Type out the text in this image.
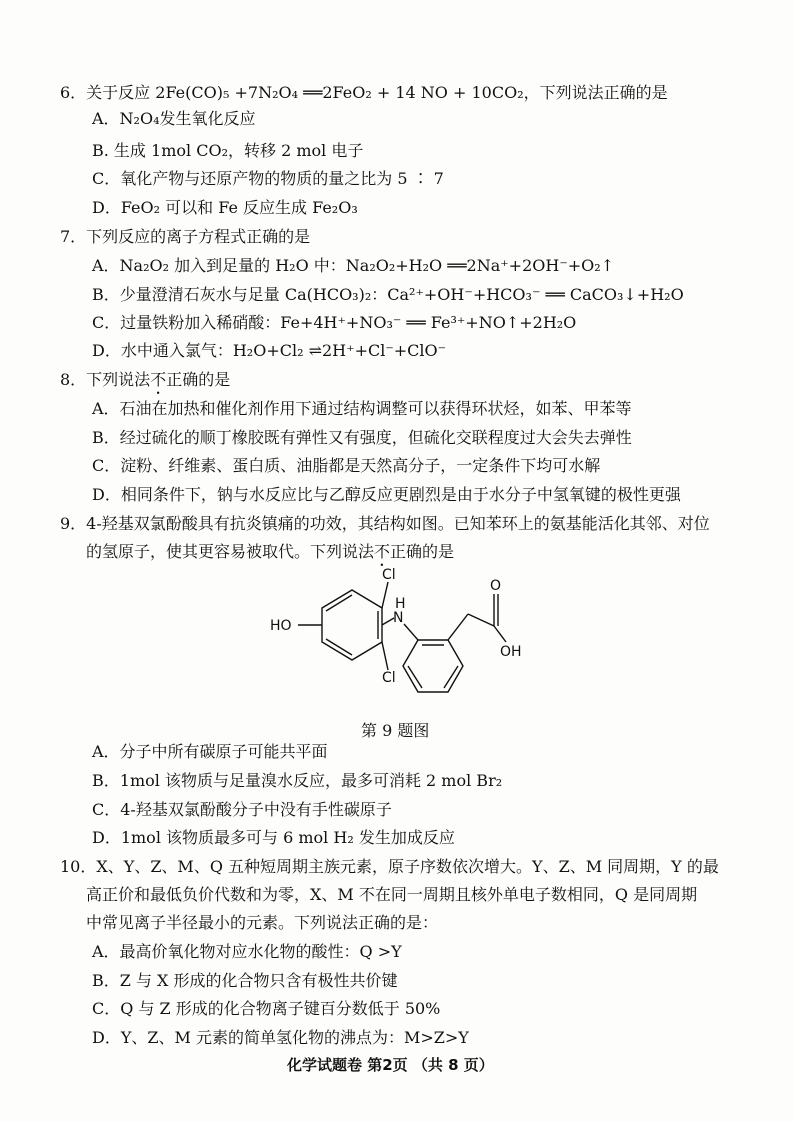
6．关于反应 2Fe(CO)₅ +7N₂O₄ ══2FeO₂ + 14 NO + 10CO₂，下列说法正确的是
A．N₂O₄发生氧化反应
B. 生成 1mol CO₂，转移 2 mol 电子
C．氧化产物与还原产物的物质的量之比为 5 ∶ 7
D．FeO₂ 可以和 Fe 反应生成 Fe₂O₃
7．下列反应的离子方程式正确的是
A．Na₂O₂ 加入到足量的 H₂O 中：Na₂O₂+H₂O ══2Na⁺+2OH⁻+O₂↑
B．少量澄清石灰水与足量 Ca(HCO₃)₂：Ca²⁺+OH⁻+HCO₃⁻ ══ CaCO₃↓+H₂O
C．过量铁粉加入稀硝酸：Fe+4H⁺+NO₃⁻ ══ Fe³⁺+NO↑+2H₂O
D．水中通入氯气：H₂O+Cl₂ ⇌2H⁺+Cl⁻+ClO⁻
8．下列说法不正确的是
A．石油在加热和催化剂作用下通过结构调整可以获得环状烃，如苯、甲苯等
B．经过硫化的顺丁橡胶既有弹性又有强度，但硫化交联程度过大会失去弹性
C．淀粉、纤维素、蛋白质、油脂都是天然高分子，一定条件下均可水解
D．相同条件下，钠与水反应比与乙醇反应更剧烈是由于水分子中氢氧键的极性更强
9．4-羟基双氯酚酸具有抗炎镇痛的功效，其结构如图。已知苯环上的氨基能活化其邻、对位
的氢原子，使其更容易被取代。下列说法不正确的是
Cl
Cl
N
H
HO
O
OH
第 9 题图
A．分子中所有碳原子可能共平面
B．1mol 该物质与足量溴水反应，最多可消耗 2 mol Br₂
C．4-羟基双氯酚酸分子中没有手性碳原子
D．1mol 该物质最多可与 6 mol H₂ 发生加成反应
10．X、Y、Z、M、Q 五种短周期主族元素，原子序数依次增大。Y、Z、M 同周期，Y 的最
高正价和最低负价代数和为零，X、M 不在同一周期且核外单电子数相同，Q 是同周期
中常见离子半径最小的元素。下列说法正确的是：
A．最高价氧化物对应水化物的酸性：Q >Y
B．Z 与 X 形成的化合物只含有极性共价键
C．Q 与 Z 形成的化合物离子键百分数低于 50%
D．Y、Z、M 元素的简单氢化物的沸点为：M>Z>Y
化学试题卷 第2页 （共 8 页）
